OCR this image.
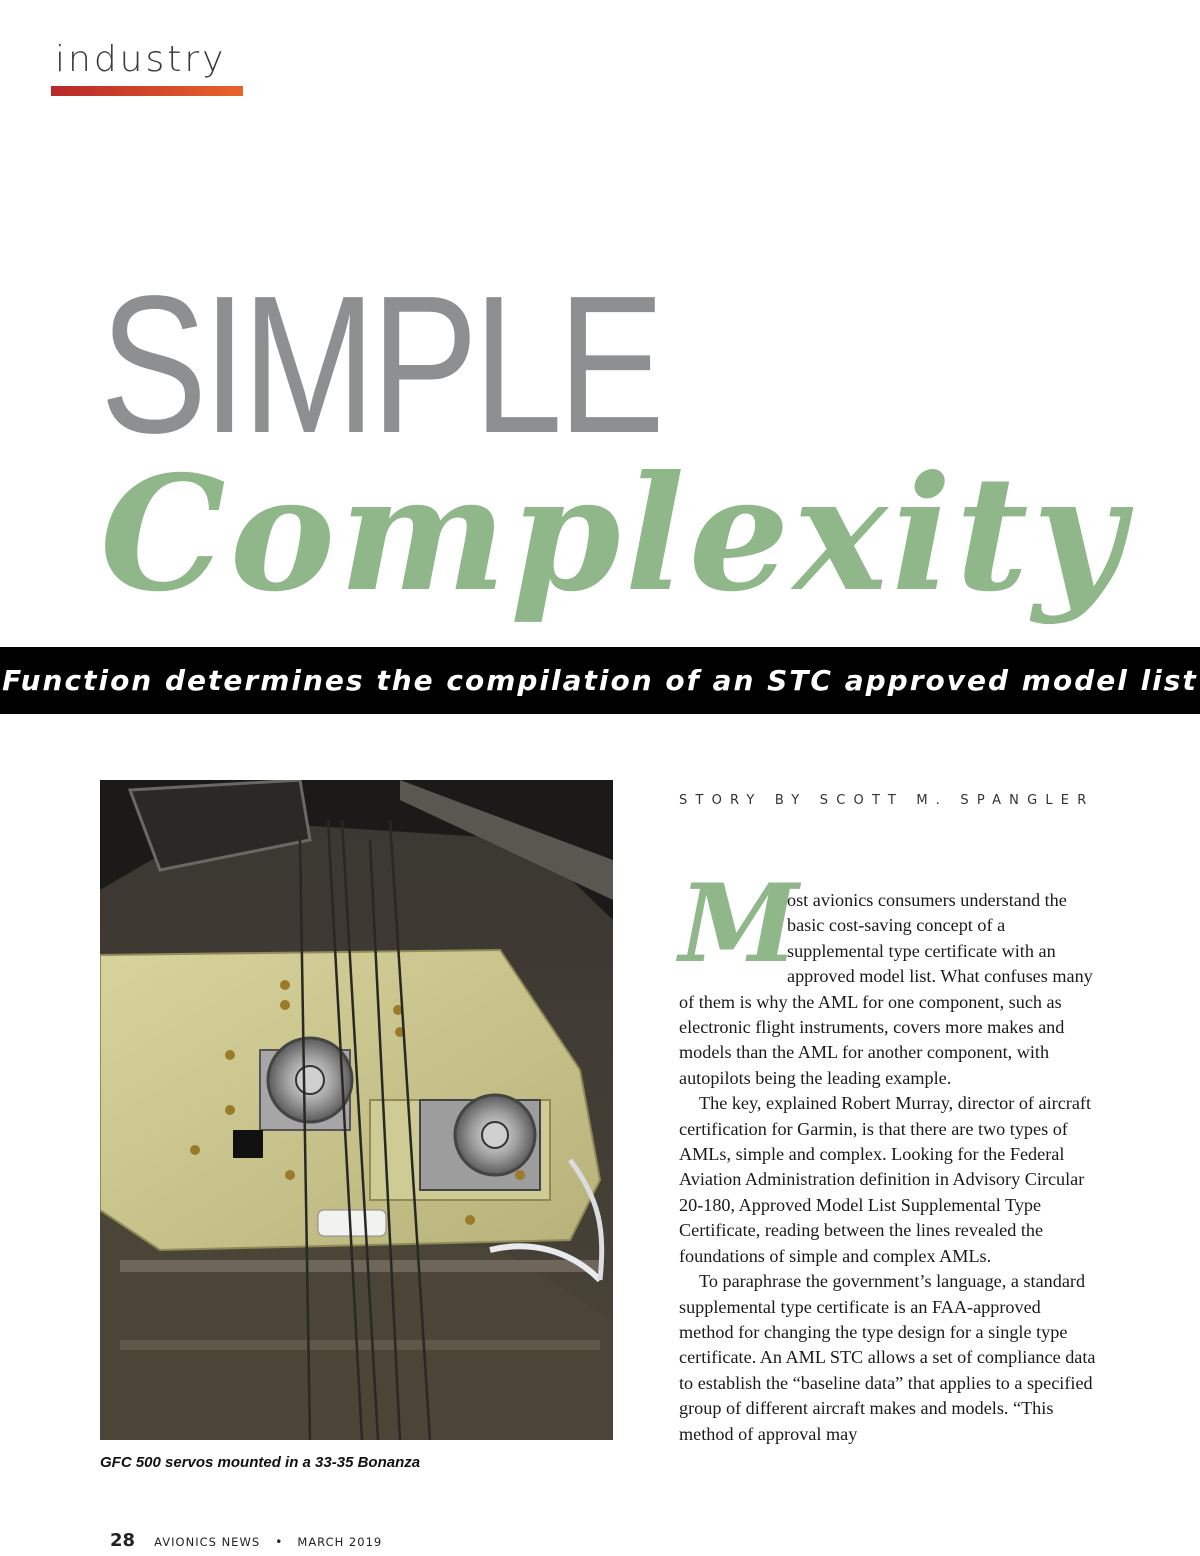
industry
SIMPLE
Complexity
Function determines the compilation of an STC approved model list
GFC 500 servos mounted in a 33-35 Bonanza
STORY BY SCOTT M. SPANGLER

M
ost avionics consumers understand the basic cost-saving concept of a supplemental type certificate with an approved model list. What confuses many of them is why the AML for one component, such as electronic flight instruments, covers more makes and models than the AML for another component, with autopilots being the leading example.

The key, explained Robert Murray, director of aircraft certification for Garmin, is that there are two types of AMLs, simple and complex. Looking for the Federal Aviation Administration definition in Advisory Circular 20-180, Approved Model List Supplemental Type Certificate, reading between the lines revealed the foundations of simple and complex AMLs.

To paraphrase the government’s language, a standard supplemental type certificate is an FAA-approved method for changing the type design for a single type certificate. An AML STC allows a set of compliance data to establish the “baseline data” that applies to a specified group of different aircraft makes and models. “This method of approval may

28 AVIONICS NEWS • MARCH 2019
